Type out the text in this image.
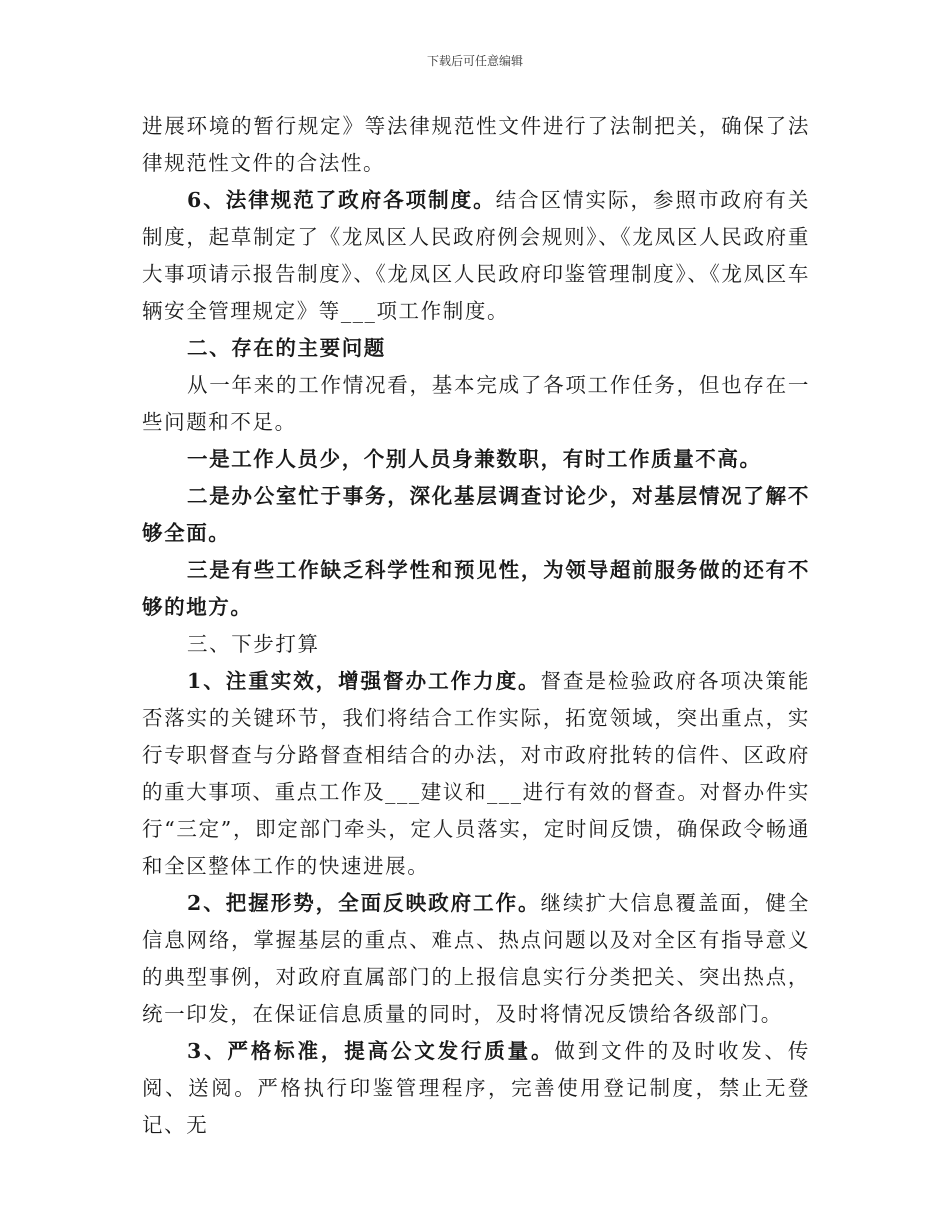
下载后可任意编辑

进展环境的暂行规定》等法律规范性文件进行了法制把关，确保了法律规范性文件的合法性。

6、法律规范了政府各项制度。结合区情实际，参照市政府有关制度，起草制定了《龙凤区人民政府例会规则》、《龙凤区人民政府重大事项请示报告制度》、《龙凤区人民政府印鉴管理制度》、《龙凤区车辆安全管理规定》等___项工作制度。

二、存在的主要问题

从一年来的工作情况看，基本完成了各项工作任务，但也存在一些问题和不足。

一是工作人员少，个别人员身兼数职，有时工作质量不高。

二是办公室忙于事务，深化基层调查讨论少，对基层情况了解不够全面。

三是有些工作缺乏科学性和预见性，为领导超前服务做的还有不够的地方。

三、下步打算

1、注重实效，增强督办工作力度。督查是检验政府各项决策能否落实的关键环节，我们将结合工作实际，拓宽领域，突出重点，实行专职督查与分路督查相结合的办法，对市政府批转的信件、区政府的重大事项、重点工作及___建议和___进行有效的督查。对督办件实行“三定”，即定部门牵头，定人员落实，定时间反馈，确保政令畅通和全区整体工作的快速进展。

2、把握形势，全面反映政府工作。继续扩大信息覆盖面，健全信息网络，掌握基层的重点、难点、热点问题以及对全区有指导意义的典型事例，对政府直属部门的上报信息实行分类把关、突出热点，统一印发，在保证信息质量的同时，及时将情况反馈给各级部门。

3、严格标准，提高公文发行质量。做到文件的及时收发、传阅、送阅。严格执行印鉴管理程序，完善使用登记制度，禁止无登记、无
